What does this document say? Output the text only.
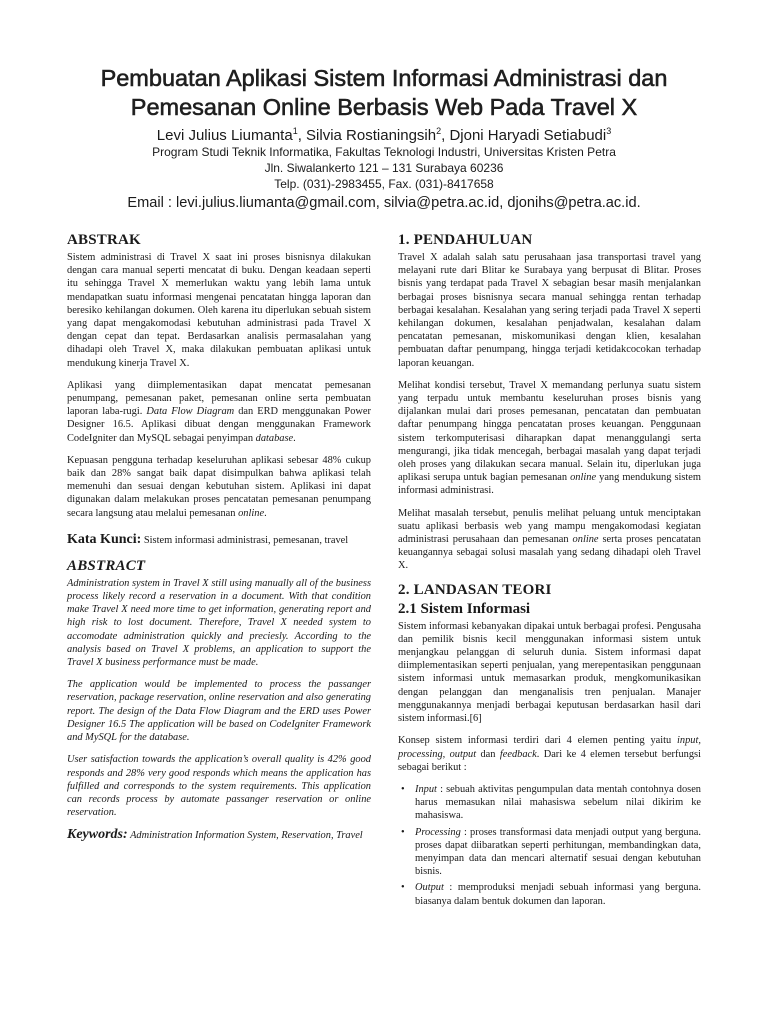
Pembuatan Aplikasi Sistem Informasi Administrasi dan
Pemesanan Online Berbasis Web Pada Travel X
Levi Julius Liumanta$^1$, Silvia Rostianingsih$^2$, Djoni Haryadi Setiabudi$^3$
Program Studi Teknik Informatika, Fakultas Teknologi Industri, Universitas Kristen Petra
Jln. Siwalankerto 121 – 131 Surabaya 60236
Telp. (031)-2983455, Fax. (031)-8417658
Email : levi.julius.liumanta@gmail.com, silvia@petra.ac.id, djonihs@petra.ac.id.
ABSTRAK

Sistem administrasi di Travel X saat ini proses bisnisnya dilakukan dengan cara manual seperti mencatat di buku. Dengan keadaan seperti itu sehingga Travel X memerlukan waktu yang lebih lama untuk mendapatkan suatu informasi mengenai pencatatan hingga laporan dan beresiko kehilangan dokumen. Oleh karena itu diperlukan sebuah sistem yang dapat mengakomodasi kebutuhan administrasi pada Travel X dengan cepat dan tepat. Berdasarkan analisis permasalahan yang dihadapi oleh Travel X, maka dilakukan pembuatan aplikasi untuk mendukung kinerja Travel X.

Aplikasi yang diimplementasikan dapat mencatat pemesanan penumpang, pemesanan paket, pemesanan online serta pembuatan laporan laba-rugi. Data Flow Diagram dan ERD menggunakan Power Designer 16.5. Aplikasi dibuat dengan menggunakan Framework CodeIgniter dan MySQL sebagai penyimpan database.

Kepuasan pengguna terhadap keseluruhan aplikasi sebesar 48% cukup baik dan 28% sangat baik dapat disimpulkan bahwa aplikasi telah memenuhi dan sesuai dengan kebutuhan sistem. Aplikasi ini dapat digunakan dalam melakukan proses pencatatan pemesanan penumpang secara langsung atau melalui pemesanan online.

Kata Kunci: Sistem informasi administrasi, pemesanan, travel
ABSTRACT

Administration system in Travel X still using manually all of the business process likely record a reservation in a document. With that condition make Travel X need more time to get information, generating report and high risk to lost document. Therefore, Travel X needed system to accomodate administration quickly and preciesly. According to the analysis based on Travel X problems, an application to support the Travel X business performance must be made.

The application would be implemented to process the passanger reservation, package reservation, online reservation and also generating report. The design of the Data Flow Diagram and the ERD uses Power Designer 16.5 The application will be based on CodeIgniter Framework and MySQL for the database.

User satisfaction towards the application’s overall quality is 42% good responds and 28% very good responds which means the application has fulfilled and corresponds to the system requirements. This application can records process by automate passanger reservation or online reservation.

Keywords: Administration Information System, Reservation, Travel
1. PENDAHULUAN

Travel X adalah salah satu perusahaan jasa transportasi travel yang melayani rute dari Blitar ke Surabaya yang berpusat di Blitar. Proses bisnis yang terdapat pada Travel X sebagian besar masih menjalankan berbagai proses bisnisnya secara manual sehingga rentan terhadap berbagai kesalahan. Kesalahan yang sering terjadi pada Travel X seperti kehilangan dokumen, kesalahan penjadwalan, kesalahan dalam pencatatan pemesanan, miskomunikasi dengan klien, kesalahan pembuatan daftar penumpang, hingga terjadi ketidakcocokan terhadap laporan keuangan.

Melihat kondisi tersebut, Travel X memandang perlunya suatu sistem yang terpadu untuk membantu keseluruhan proses bisnis yang dijalankan mulai dari proses pemesanan, pencatatan dan pembuatan daftar penumpang hingga pencatatan proses keuangan. Penggunaan sistem terkomputerisasi diharapkan dapat menanggulangi serta mengurangi, jika tidak mencegah, berbagai masalah yang dapat terjadi oleh proses yang dilakukan secara manual. Selain itu, diperlukan juga aplikasi serupa untuk bagian pemesanan online yang mendukung sistem informasi administrasi.

Melihat masalah tersebut, penulis melihat peluang untuk menciptakan suatu aplikasi berbasis web yang mampu mengakomodasi kegiatan administrasi perusahaan dan pemesanan online serta proses pencatatan keuangannya sebagai solusi masalah yang sedang dihadapi oleh Travel X.

2. LANDASAN TEORI
2.1 Sistem Informasi

Sistem informasi kebanyakan dipakai untuk berbagai profesi. Pengusaha dan pemilik bisnis kecil menggunakan informasi sistem untuk menjangkau pelanggan di seluruh dunia. Sistem informasi dapat diimplementasikan seperti penjualan, yang merepentasikan penggunaan sistem informasi untuk memasarkan produk, mengkomunikasikan dengan pelanggan dan menganalisis tren penjualan. Manajer menggunakannya menjadi berbagai keputusan berdasarkan hasil dari sistem informasi.[6]

Konsep sistem informasi terdiri dari 4 elemen penting yaitu input, processing, output dan feedback. Dari ke 4 elemen tersebut berfungsi sebagai berikut :

• Input : sebuah aktivitas pengumpulan data mentah contohnya dosen harus memasukan nilai mahasiswa sebelum nilai dikirim ke mahasiswa.
• Processing : proses transformasi data menjadi output yang berguna. proses dapat diibaratkan seperti perhitungan, membandingkan data, menyimpan data dan mencari alternatif sesuai dengan kebutuhan bisnis.
• Output : memproduksi menjadi sebuah informasi yang berguna. biasanya dalam bentuk dokumen dan laporan.
